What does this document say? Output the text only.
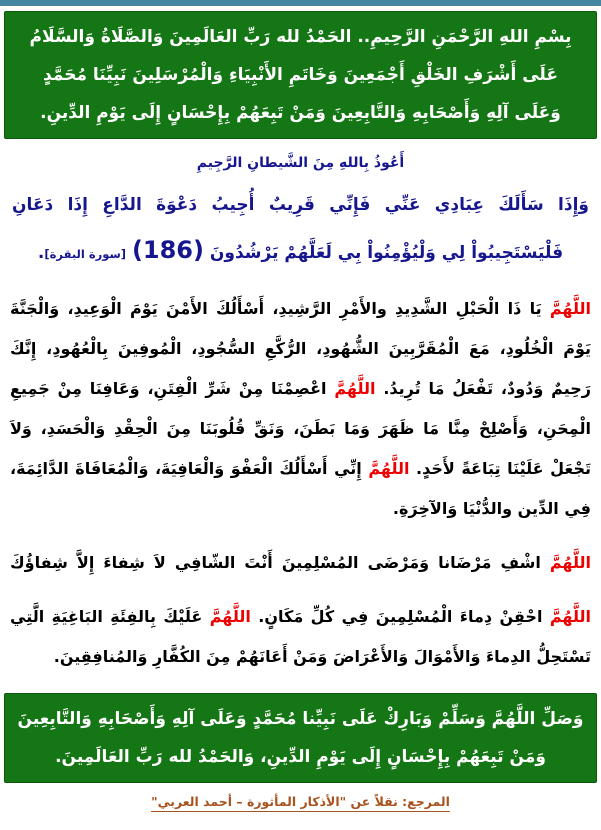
بِسْمِ اللهِ الرَّحْمَنِ الرَّحِيمِ.. الحَمْدُ لله رَبِّ العَالَمِينَ وَالصَّلَاةُ وَالسَّلَامُ عَلَى أَشْرَفِ الخَلْقِ أَجْمَعِينَ وَخَاتَمِ الأَنْبِيَاءِ وَالْمُرْسَلِينَ نَبِيِّنَا مُحَمَّدٍ وَعَلَى آلِهِ وَأَصْحَابِهِ وَالتَّابِعِينَ وَمَنْ تَبِعَهُمْ بِإِحْسَانٍ إِلَى يَوْمِ الدِّينِ.

أَعُوذُ بِاللهِ مِنَ الشَّيطانِ الرَّجِيمِ

وَإِذَا سَأَلَكَ عِبَادِي عَنِّي فَإِنِّي قَرِيبٌ أُجِيبُ دَعْوَةَ الدَّاعِ إِذَا دَعَانِ فَلْيَسْتَجِيبُواْ لِي وَلْيُؤْمِنُواْ بِي لَعَلَّهُمْ يَرْشُدُونَ (186) [سورة البقرة].

اللَّهُمَّ يَا ذَا الْحَبْلِ الشَّدِيدِ والأَمْرِ الرَّشِيدِ، أَسْأَلُكَ الأَمْنَ يَوْمَ الْوَعِيدِ، وَالْجَنَّةَ يَوْمَ الْخُلُودِ، مَعَ الْمُقَرَّبِينَ الشُّهُودِ، الرُّكَّعِ السُّجُودِ، الْمُوفِينَ بِالْعُهُودِ، إِنَّكَ رَحِيمٌ وَدُودٌ، تَفْعَلُ مَا تُرِيدُ. اللَّهُمَّ اعْصِمْنَا مِنْ شَرِّ الْفِتَنِ، وَعَافِنَا مِنْ جَمِيعِ الْمِحَنِ، وَأَصْلِحْ مِنَّا مَا ظَهَرَ وَمَا بَطَنَ، وَنَقِّ قُلُوبَنَا مِنَ الْحِقْدِ وَالْحَسَدِ، وَلاَ تَجْعَلْ عَلَيْنَا تِبَاعَةً لأَحَدٍ. اللَّهُمَّ إِنِّي أَسْأَلُكَ الْعَفْوَ وَالْعَافِيَةَ، وَالْمُعَافَاةَ الدَّائِمَةَ، فِي الدِّين والدُّنْيَا وَالآخِرَةِ.

اللَّهُمَّ اشْفِ مَرْضَانا وَمَرْضَى المُسْلِمِينَ أَنْتَ الشّافِي لاَ شِفاءَ إِلاَّ شِفاؤُكَ

اللَّهُمَّ احْقِنْ دِماءَ الْمُسْلِمِينَ فِي كُلِّ مَكَانٍ. اللَّهُمَّ عَلَيْكَ بِالفِئَةِ البَاغِيَةِ الَّتِي تَسْتَحِلُّ الدِماءَ وَالأَمْوَالَ وَالأَعْرَاضَ وَمَنْ أَعَانَهُمْ مِنَ الكُفَّارِ وَالمُنافِقِينَ.

وَصَلِّ اللَّهُمَّ وَسَلِّمْ وَبَارِكْ عَلَى نَبِيِّنا مُحَمَّدٍ وَعَلَى آلِهِ وَأَصْحَابِهِ وَالتَّابِعِينَ وَمَنْ تَبِعَهُمْ بِإِحْسَانٍ إِلَى يَوْمِ الدِّينِ، وَالحَمْدُ لله رَبِّ العَالَمِينَ.

المرجع: نقلاً عن "الأذكار المأثورة – أحمد العربي"
